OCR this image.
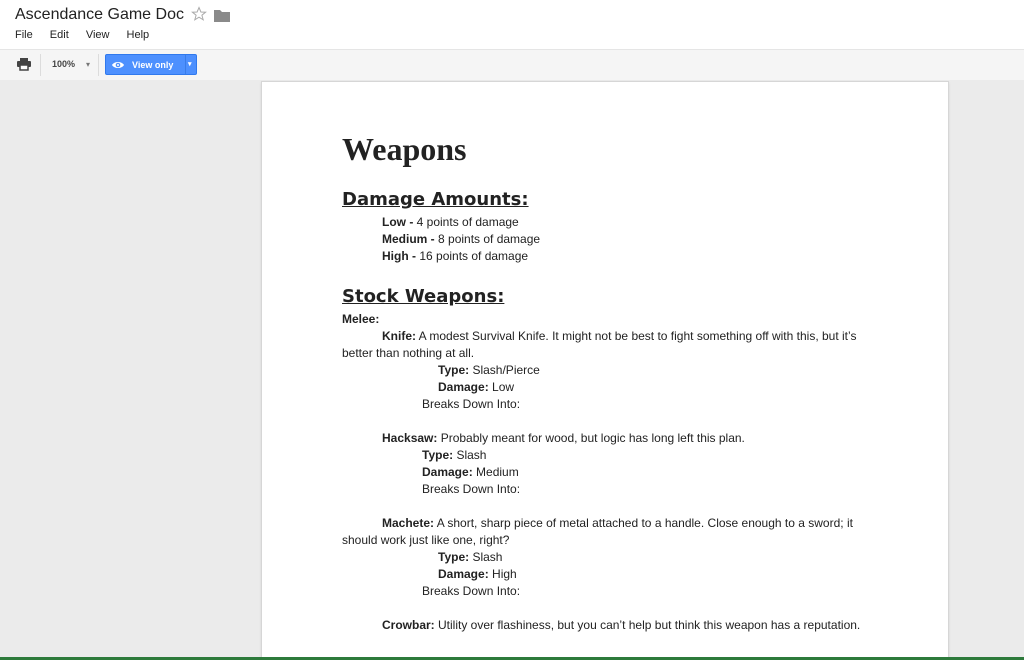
Ascendance Game Doc
File Edit View Help
100% ▾	View only ▾
Weapons
Damage Amounts:

Low - 4 points of damage

Medium - 8 points of damage

High - 16 points of damage

Stock Weapons:

Melee:

Knife: A modest Survival Knife. It might not be best to fight something off with this, but it’s better than nothing at all.

Type: Slash/Pierce

Damage: Low

Breaks Down Into:

Hacksaw: Probably meant for wood, but logic has long left this plan.

Type: Slash

Damage: Medium

Breaks Down Into:

Machete: A short, sharp piece of metal attached to a handle. Close enough to a sword; it should work just like one, right?

Type: Slash

Damage: High

Breaks Down Into:

Crowbar: Utility over flashiness, but you can’t help but think this weapon has a reputation.
